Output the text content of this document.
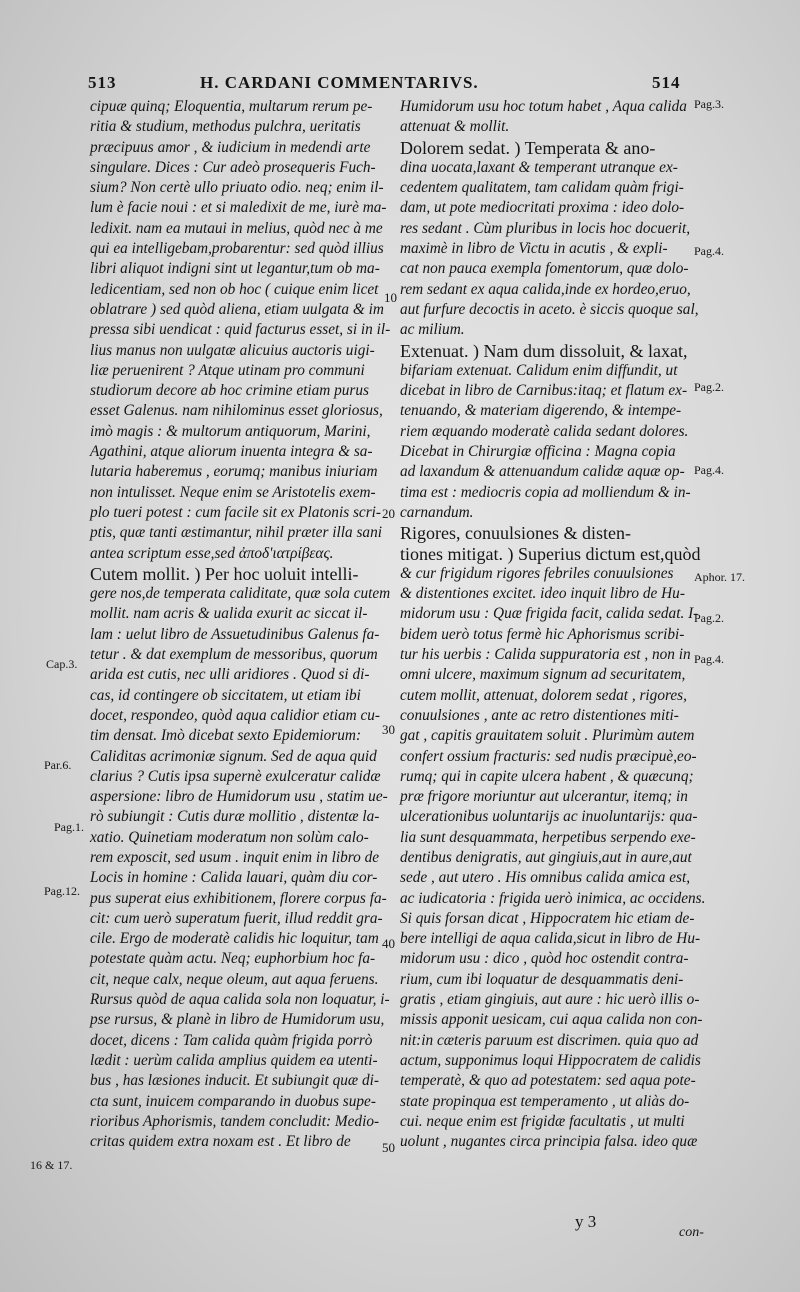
513	H. CARDANI COMMENTARIVS.	514
cipuæ quinq; Eloquentia, multarum rerum pe-
ritia & studium, methodus pulchra, ueritatis
præcipuus amor , & iudicium in medendi arte
singulare. Dices : Cur adeò prosequeris Fuch-
sium? Non certè ullo priuato odio. neq; enim il-
lum è facie noui : et si maledixit de me, iurè ma-
ledixit. nam ea mutaui in melius, quòd nec à me
qui ea intelligebam,probarentur: sed quòd illius
libri aliquot indigni sint ut legantur,tum ob ma-
ledicentiam, sed non ob hoc ( cuique enim licet
oblatrare ) sed quòd aliena, etiam uulgata & im
pressa sibi uendicat : quid facturus esset, si in il-
lius manus non uulgatæ alicuius auctoris uigi-
liæ peruenirent ? Atque utinam pro communi
studiorum decore ab hoc crimine etiam purus
esset Galenus. nam nihilominus esset gloriosus,
imò magis : & multorum antiquorum, Marini,
Agathini, atque aliorum inuenta integra & sa-
lutaria haberemus , eorumq; manibus iniuriam
non intulisset. Neque enim se Aristotelis exem-
plo tueri potest : cum facile sit ex Platonis scri-
ptis, quæ tanti æstimantur, nihil præter illa sani
antea scriptum esse,sed ἀποδ'ιατρίβεας.
Cutem mollit. ) Per hoc uoluit intelli-
gere nos,de temperata caliditate, quæ sola cutem
mollit. nam acris & ualida exurit ac siccat il-
lam : uelut libro de Assuetudinibus Galenus fa-
tetur . & dat exemplum de messoribus, quorum
arida est cutis, nec ulli aridiores . Quod si di-
cas, id contingere ob siccitatem, ut etiam ibi
docet, respondeo, quòd aqua calidior etiam cu-
tim densat. Imò dicebat sexto Epidemiorum:
Caliditas acrimoniæ signum. Sed de aqua quid
clarius ? Cutis ipsa supernè exulceratur calidæ
aspersione: libro de Humidorum usu , statim ue-
rò subiungit : Cutis duræ mollitio , distentæ la-
xatio. Quinetiam moderatum non solùm calo-
rem exposcit, sed usum . inquit enim in libro de
Locis in homine : Calida lauari, quàm diu cor-
pus superat eius exhibitionem, florere corpus fa-
cit: cum uerò superatum fuerit, illud reddit gra-
cile. Ergo de moderatè calidis hic loquitur, tam
potestate quàm actu. Neq; euphorbium hoc fa-
cit, neque calx, neque oleum, aut aqua feruens.
Rursus quòd de aqua calida sola non loquatur, i-
pse rursus, & planè in libro de Humidorum usu,
docet, dicens : Tam calida quàm frigida porrò
lædit : uerùm calida amplius quidem ea utenti-
bus , has læsiones inducit. Et subiungit quæ di-
cta sunt, inuicem comparando in duobus supe-
rioribus Aphorismis, tandem concludit: Medio-
critas quidem extra noxam est . Et libro de
Humidorum usu hoc totum habet , Aqua calida
attenuat & mollit.
Dolorem sedat. ) Temperata & ano-
dina uocata,laxant & temperant utranque ex-
cedentem qualitatem, tam calidam quàm frigi-
dam, ut pote mediocritati proxima : ideo dolo-
res sedant . Cùm pluribus in locis hoc docuerit,
maximè in libro de Victu in acutis , & expli-
cat non pauca exempla fomentorum, quæ dolo-
rem sedant ex aqua calida,inde ex hordeo,eruo,
aut furfure decoctis in aceto. è siccis quoque sal,
ac milium.
Extenuat. ) Nam dum dissoluit, & laxat,
bifariam extenuat. Calidum enim diffundit, ut
dicebat in libro de Carnibus:itaq; et flatum ex-
tenuando, & materiam digerendo, & intempe-
riem æquando moderatè calida sedant dolores.
Dicebat in Chirurgiæ officina : Magna copia
ad laxandum & attenuandum calidæ aquæ op-
tima est : mediocris copia ad molliendum & in-
carnandum.
Rigores, conuulsiones & disten-
tiones mitigat. ) Superius dictum est,quòd
& cur frigidum rigores febriles conuulsiones
& distentiones excitet. ideo inquit libro de Hu-
midorum usu : Quæ frigida facit, calida sedat. I-
bidem uerò totus fermè hic Aphorismus scribi-
tur his uerbis : Calida suppuratoria est , non in
omni ulcere, maximum signum ad securitatem,
cutem mollit, attenuat, dolorem sedat , rigores,
conuulsiones , ante ac retro distentiones miti-
gat , capitis grauitatem soluit . Plurimùm autem
confert ossium fracturis: sed nudis præcipuè,eo-
rumq; qui in capite ulcera habent , & quæcunq;
præ frigore moriuntur aut ulcerantur, itemq; in
ulcerationibus uoluntarijs ac inuoluntarijs: qua-
lia sunt desquammata, herpetibus serpendo exe-
dentibus denigratis, aut gingiuis,aut in aure,aut
sede , aut utero . His omnibus calida amica est,
ac iudicatoria : frigida uerò inimica, ac occidens.
Si quis forsan dicat , Hippocratem hic etiam de-
bere intelligi de aqua calida,sicut in libro de Hu-
midorum usu : dico , quòd hoc ostendit contra-
rium, cum ibi loquatur de desquammatis deni-
gratis , etiam gingiuis, aut aure : hic uerò illis o-
missis apponit uesicam, cui aqua calida non con-
nit:in cæteris paruum est discrimen. quia quo ad
actum, supponimus loqui Hippocratem de calidis
temperatè, & quo ad potestatem: sed aqua pote-
state propinqua est temperamento , ut aliàs do-
cui. neque enim est frigidæ facultatis , ut multi
uolunt , nugantes circa principia falsa. ideo quæ
10
20
30
40
50
Cap.3.
Par.6.
Pag.1.
Pag.12.
16 & 17.
Pag.3.
Pag.4.
Pag.2.
Pag.4.
Aphor. 17.
Pag.2.
Pag.4.
y 3
con-
